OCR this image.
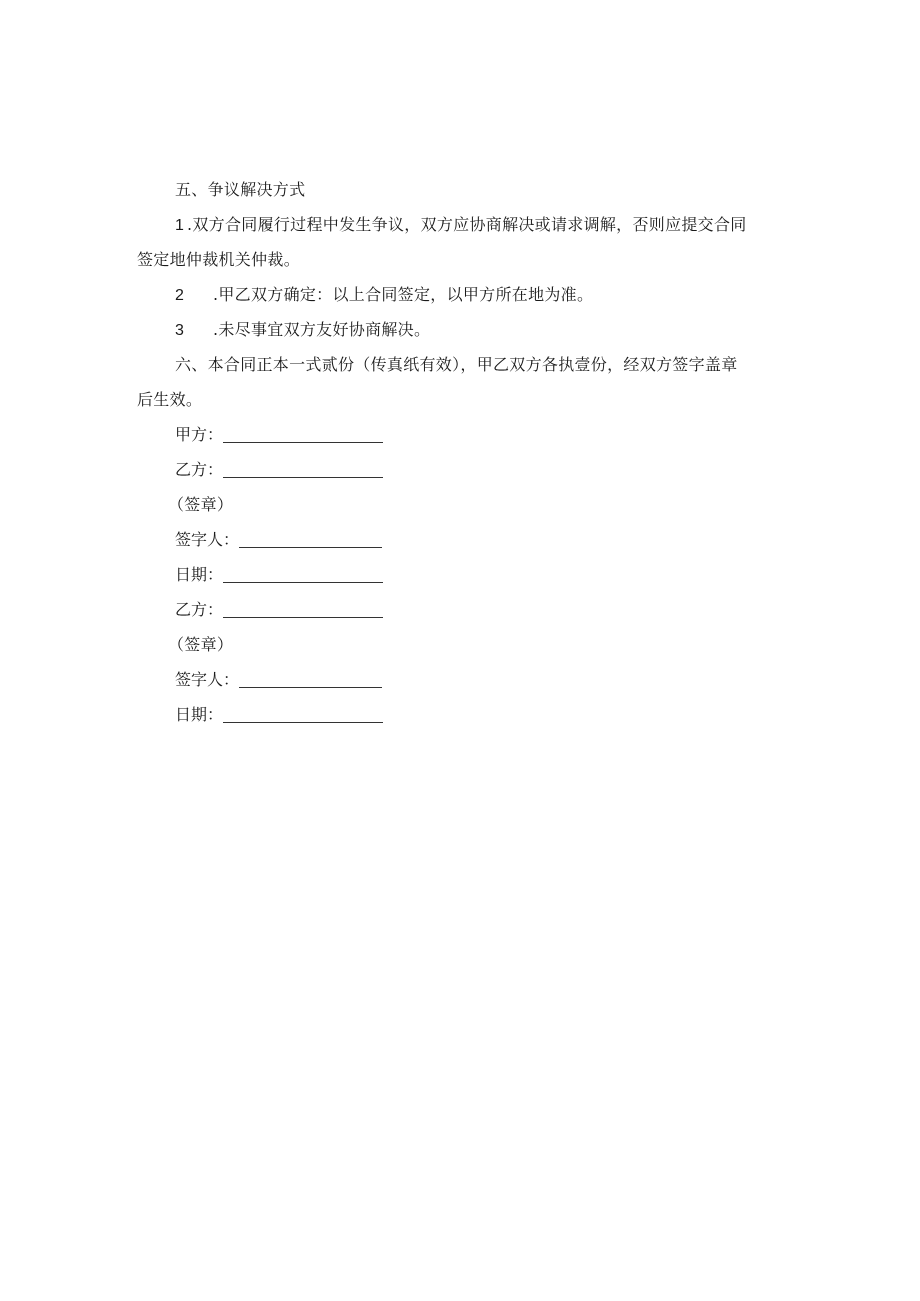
五、争议解决方式
1 .双方合同履行过程中发生争议，双方应协商解决或请求调解，否则应提交合同
签定地仲裁机关仲裁。
2 .甲乙双方确定：以上合同签定，以甲方所在地为准。
3 .未尽事宜双方友好协商解决。
六、本合同正本一式贰份（传真纸有效），甲乙双方各执壹份，经双方签字盖章
后生效。
甲方：
乙方：
（签章）
签字人：
日期：
乙方：
（签章）
签字人：
日期：
